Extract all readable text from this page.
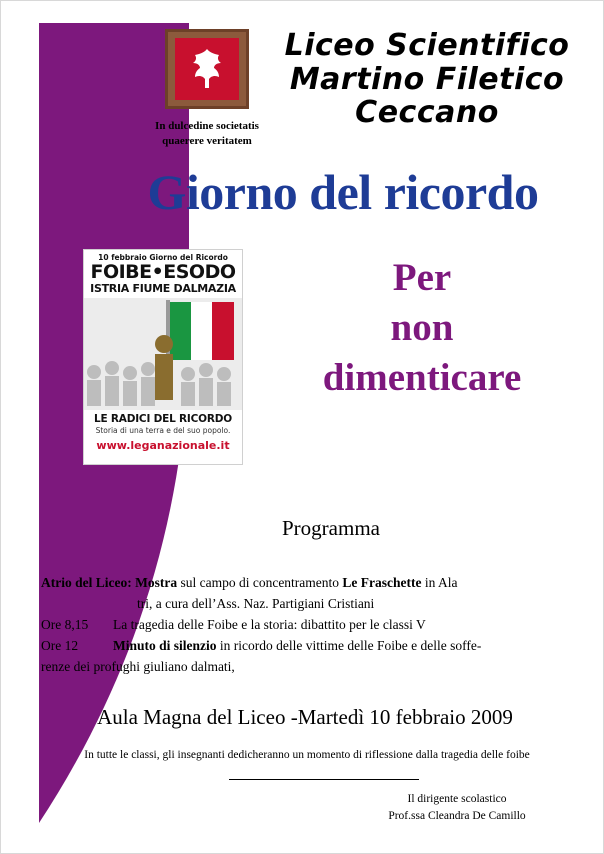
In dulcedine societatis
quaerere veritatem
Liceo Scientifico
Martino Filetico
Ceccano
Giorno del ricordo
10 febbraio Giorno del Ricordo
FOIBE•ESODO
ISTRIA FIUME DALMAZIA
LE RADICI DEL RICORDO
Storia di una terra e del suo popolo.
www.leganazionale.it
Per
non
dimenticare
Programma
Atrio del Liceo: Mostra sul campo di concentramento Le Fraschette in Ala
tri, a cura dell’Ass. Naz. Partigiani Cristiani
Ore 8,15 La tragedia delle Foibe e la storia: dibattito per le classi V
Ore 12	Minuto di silenzio in ricordo delle vittime delle Foibe e delle soffe-
renze dei profughi giuliano dalmati,
Aula Magna del Liceo -Martedì 10 febbraio 2009
In tutte le classi, gli insegnanti dedicheranno un momento di riflessione dalla tragedia delle foibe
Il dirigente scolastico
Prof.ssa Cleandra De Camillo
